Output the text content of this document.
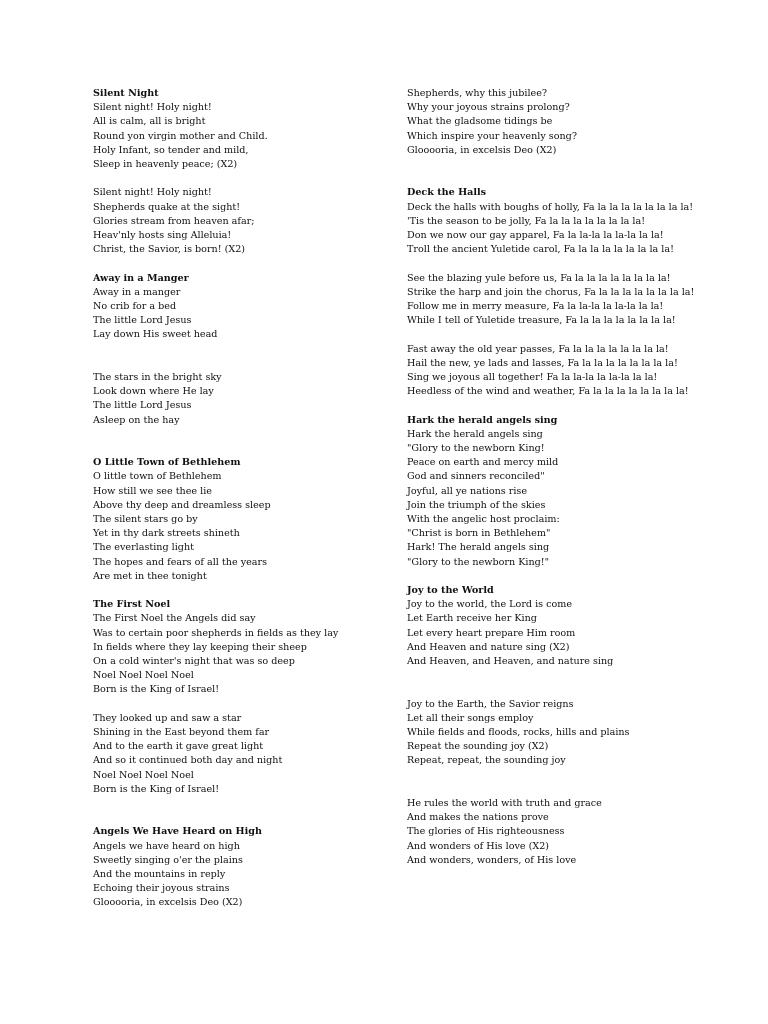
Silent Night
Silent night! Holy night!
All is calm, all is bright
Round yon virgin mother and Child.
Holy Infant, so tender and mild,
Sleep in heavenly peace; (X2)
Silent night! Holy night!
Shepherds quake at the sight!
Glories stream from heaven afar;
Heav'nly hosts sing Alleluia!
Christ, the Savior, is born! (X2)
Away in a Manger
Away in a manger
No crib for a bed
The little Lord Jesus
Lay down His sweet head
The stars in the bright sky
Look down where He lay
The little Lord Jesus
Asleep on the hay
O Little Town of Bethlehem
O little town of Bethlehem
How still we see thee lie
Above thy deep and dreamless sleep
The silent stars go by
Yet in thy dark streets shineth
The everlasting light
The hopes and fears of all the years
Are met in thee tonight
The First Noel
The First Noel the Angels did say
Was to certain poor shepherds in fields as they lay
In fields where they lay keeping their sheep
On a cold winter's night that was so deep
Noel Noel Noel Noel
Born is the King of Israel!
They looked up and saw a star
Shining in the East beyond them far
And to the earth it gave great light
And so it continued both day and night
Noel Noel Noel Noel
Born is the King of Israel!
Angels We Have Heard on High
Angels we have heard on high
Sweetly singing o'er the plains
And the mountains in reply
Echoing their joyous strains
Glooooria, in excelsis Deo (X2)
Shepherds, why this jubilee?
Why your joyous strains prolong?
What the gladsome tidings be
Which inspire your heavenly song?
Glooooria, in excelsis Deo (X2)
Deck the Halls
Deck the halls with boughs of holly, Fa la la la la la la la la!
'Tis the season to be jolly, Fa la la la la la la la la!
Don we now our gay apparel, Fa la la-la la la-la la la!
Troll the ancient Yuletide carol, Fa la la la la la la la la!
See the blazing yule before us, Fa la la la la la la la la!
Strike the harp and join the chorus, Fa la la la la la la la la!
Follow me in merry measure, Fa la la-la la la-la la la!
While I tell of Yuletide treasure, Fa la la la la la la la la!
Fast away the old year passes, Fa la la la la la la la la!
Hail the new, ye lads and lasses, Fa la la la la la la la la!
Sing we joyous all together! Fa la la-la la la-la la la!
Heedless of the wind and weather, Fa la la la la la la la la!
Hark the herald angels sing
Hark the herald angels sing
"Glory to the newborn King!
Peace on earth and mercy mild
God and sinners reconciled"
Joyful, all ye nations rise
Join the triumph of the skies
With the angelic host proclaim:
"Christ is born in Bethlehem"
Hark! The herald angels sing
"Glory to the newborn King!"
Joy to the World
Joy to the world, the Lord is come
Let Earth receive her King
Let every heart prepare Him room
And Heaven and nature sing (X2)
And Heaven, and Heaven, and nature sing
Joy to the Earth, the Savior reigns
Let all their songs employ
While fields and floods, rocks, hills and plains
Repeat the sounding joy (X2)
Repeat, repeat, the sounding joy
He rules the world with truth and grace
And makes the nations prove
The glories of His righteousness
And wonders of His love (X2)
And wonders, wonders, of His love
